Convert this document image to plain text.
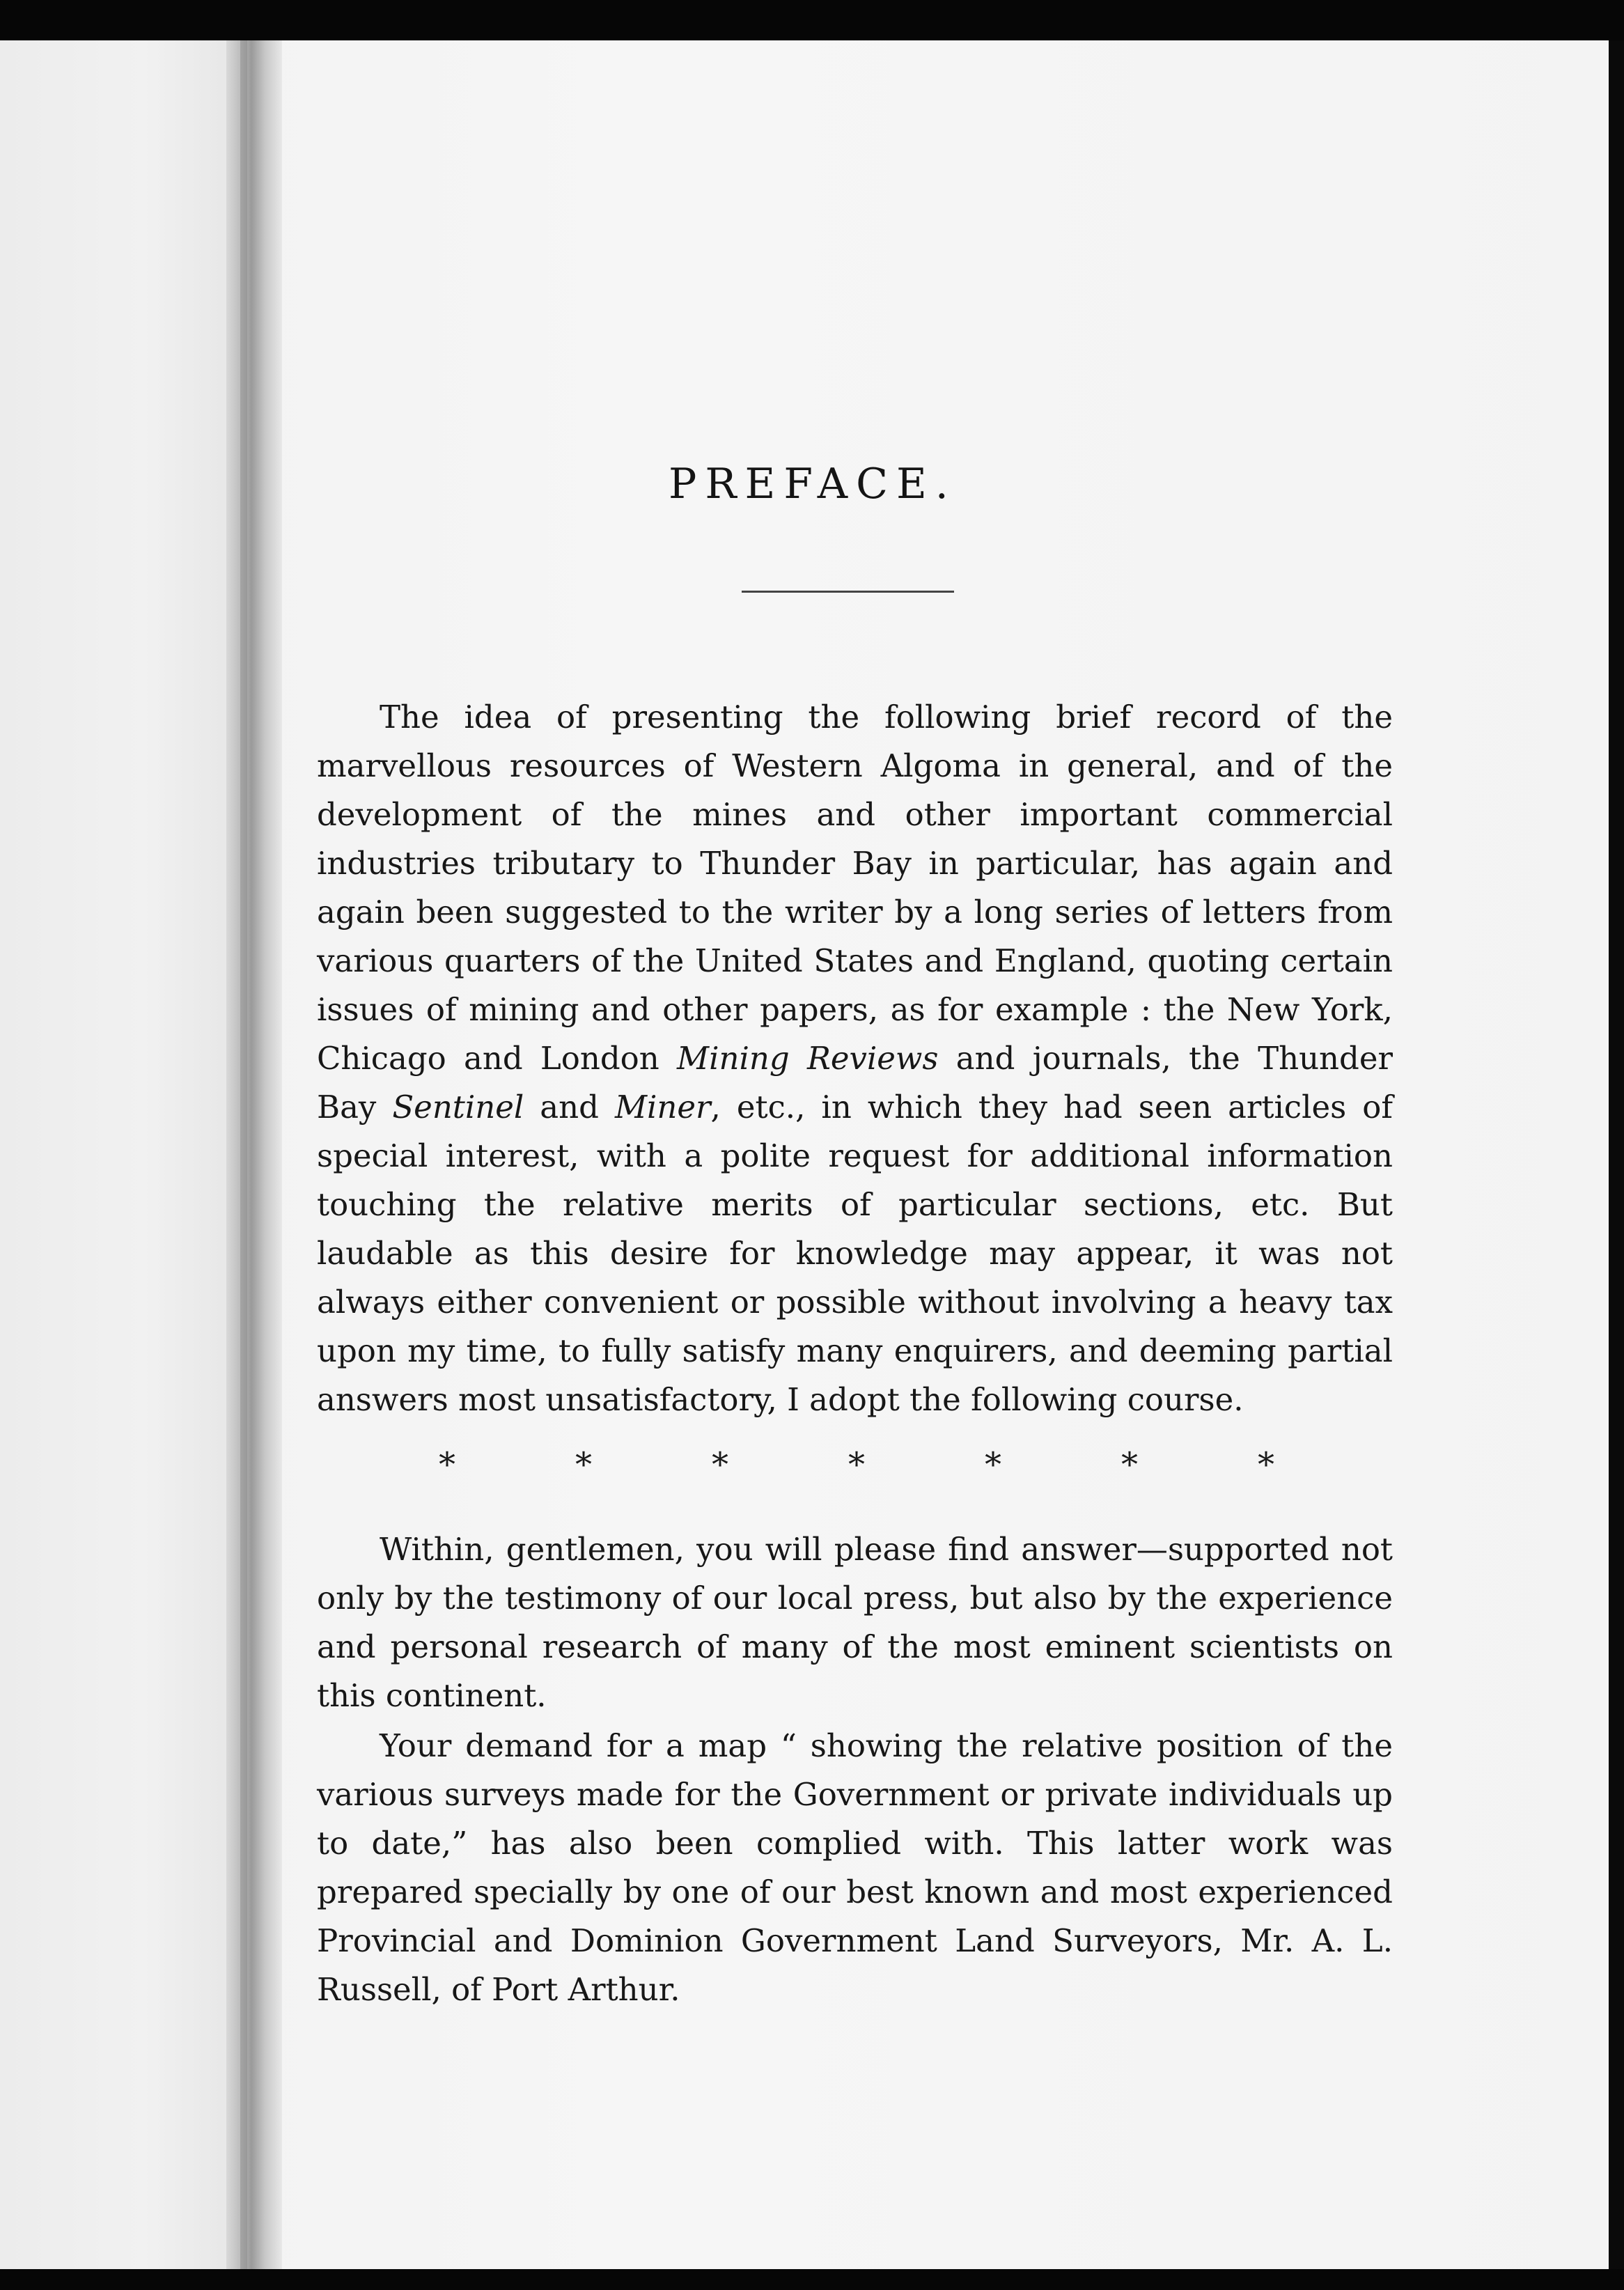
PREFACE.

The idea of presenting the following brief record of the marvellous resources of Western Algoma in general, and of the development of the mines and other important commercial industries tributary to Thunder Bay in particular, has again and again been suggested to the writer by a long series of letters from various quarters of the United States and England, quoting certain issues of mining and other papers, as for example : the New York, Chicago and London Mining Reviews and journals, the Thunder Bay Sentinel and Miner, etc., in which they had seen articles of special interest, with a polite request for additional information touching the relative merits of particular sections, etc. But laudable as this desire for knowledge may appear, it was not always either convenient or possible without involving a heavy tax upon my time, to fully satisfy many enquirers, and deeming partial answers most unsatisfactory, I adopt the following course.

*	*	*	*	*	*	*

Within, gentlemen, you will please find answer—supported not only by the testimony of our local press, but also by the experience and personal research of many of the most eminent scientists on this continent.

Your demand for a map “ showing the relative position of the various surveys made for the Government or private individuals up to date,” has also been complied with. This latter work was prepared specially by one of our best known and most experienced Provincial and Dominion Government Land Surveyors, Mr. A. L. Russell, of Port Arthur.
